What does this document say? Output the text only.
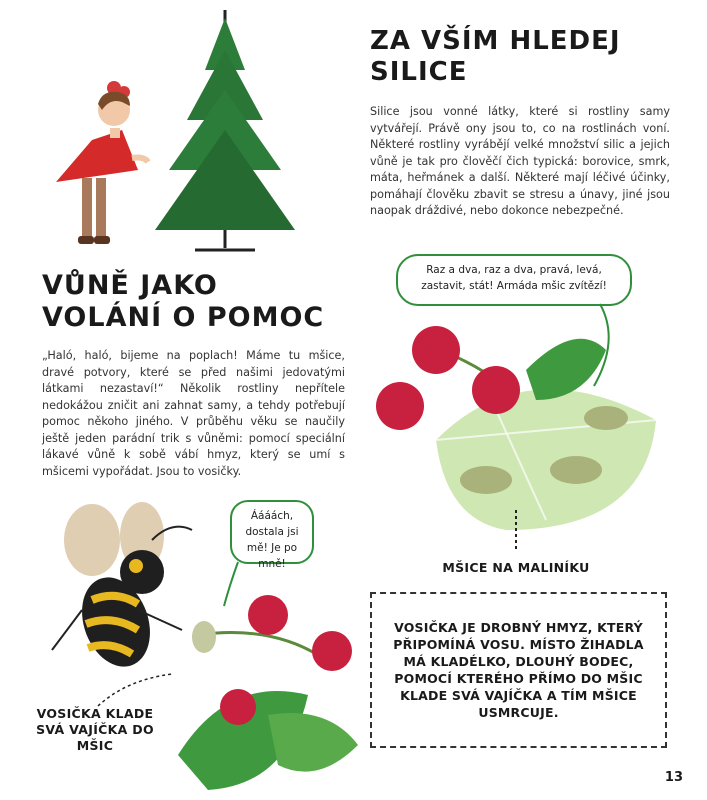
ZA VŠÍM HLEDEJ SILICE

Silice jsou vonné látky, které si rostliny samy vytvářejí. Právě ony jsou to, co na rostlinách voní. Některé rostliny vyrábějí velké množství silic a jejich vůně je tak pro člověčí čich typická: borovice, smrk, máta, heřmánek a další. Některé mají léčivé účinky, pomáhají člověku zbavit se stresu a únavy, jiné jsou naopak dráždivé, nebo dokonce nebezpečné.

VŮNĚ JAKO VOLÁNÍ O POMOC

„Haló, haló, bijeme na poplach! Máme tu mšice, dravé potvory, které se před našimi jedovatými látkami nezastaví!“ Několik rostliny nepřítele nedokážou zničit ani zahnat samy, a tehdy potřebují pomoc někoho jiného. V průběhu věku se naučily ještě jeden parádní trik s vůněmi: pomocí speciální lákavé vůně k sobě vábí hmyz, který se umí s mšicemi vypořádat. Jsou to vosičky.

Raz a dva, raz a dva, pravá, levá, zastavit, stát! Armáda mšic zvítězí!
MŠICE NA MALINÍKU
Áááách, dostala jsi mě! Je po mně!
VOSIČKA KLADE SVÁ VAJÍČKA DO MŠIC
VOSIČKA JE DROBNÝ HMYZ, KTERÝ PŘIPOMÍNÁ VOSU. MÍSTO ŽIHADLA MÁ KLADÉLKO, DLOUHÝ BODEC, POMOCÍ KTERÉHO PŘÍMO DO MŠIC KLADE SVÁ VAJÍČKA A TÍM MŠICE USMRCUJE.
13
